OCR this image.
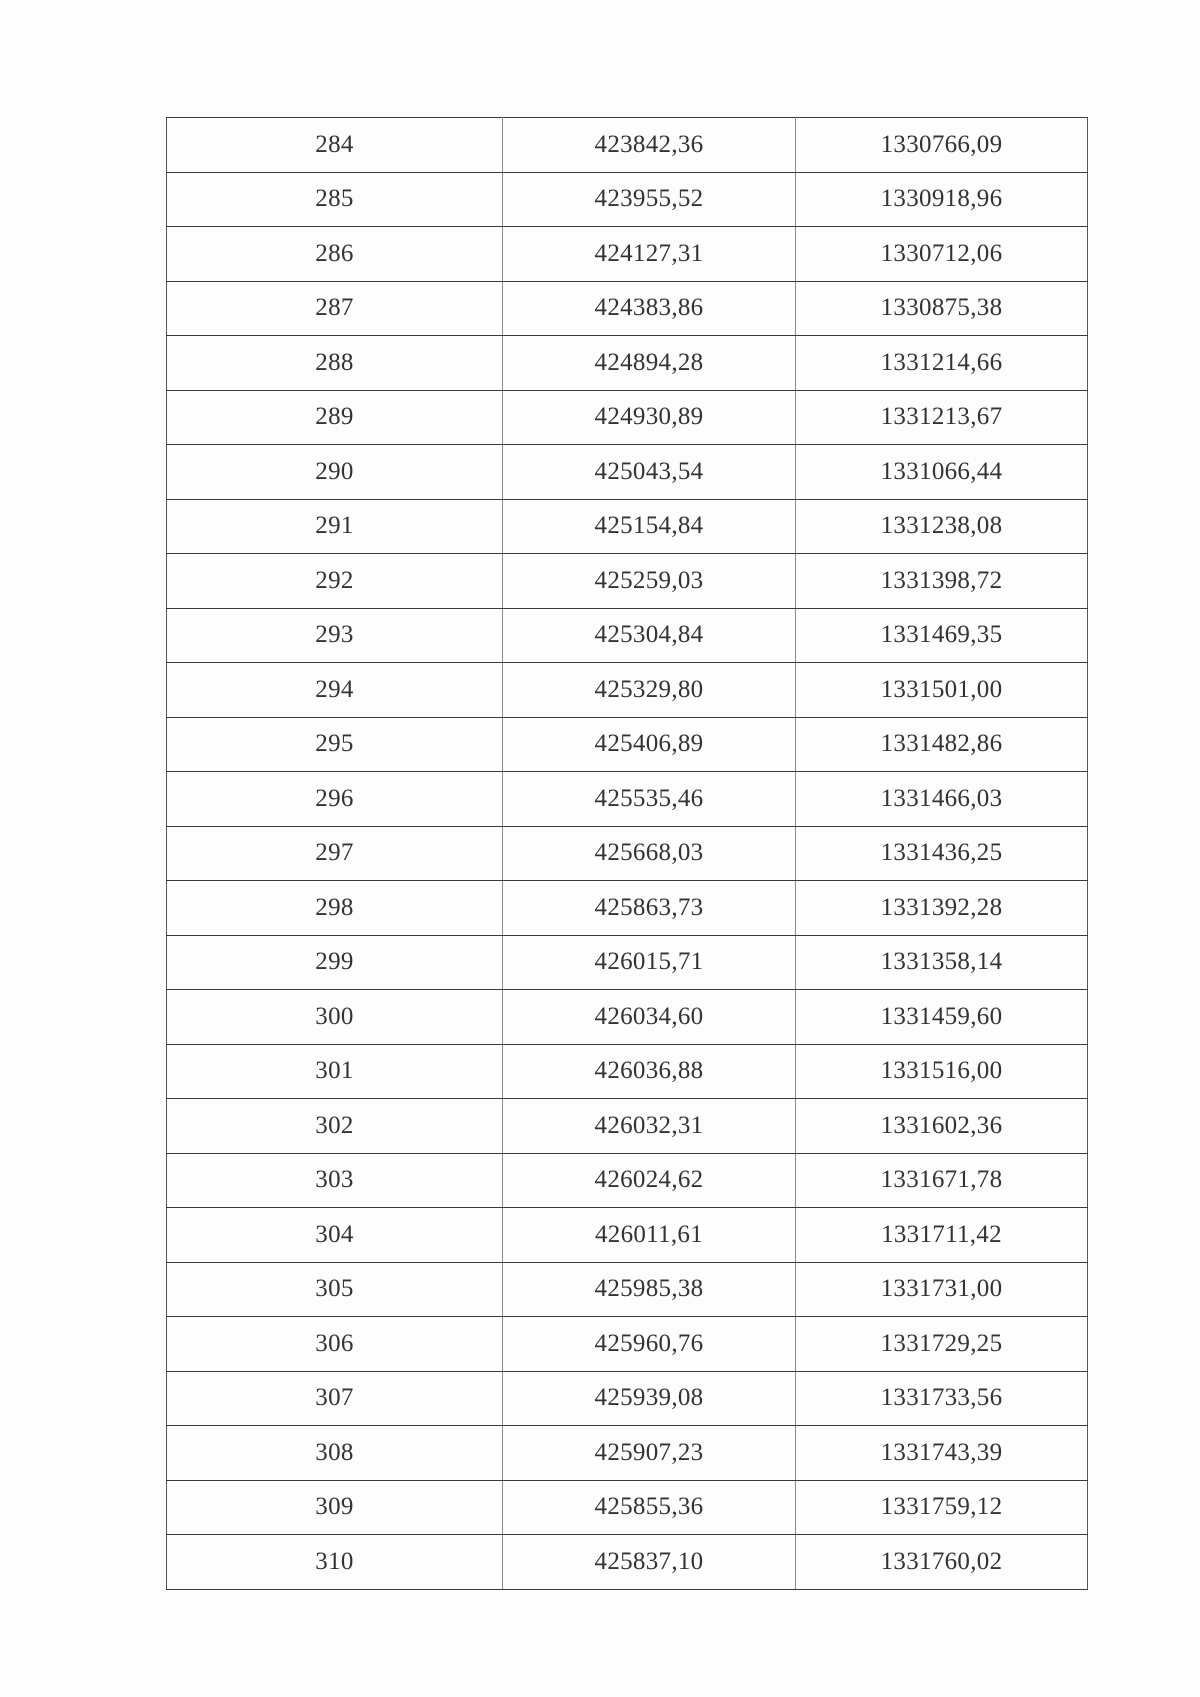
284	423842,36	1330766,09
285	423955,52	1330918,96
286	424127,31	1330712,06
287	424383,86	1330875,38
288	424894,28	1331214,66
289	424930,89	1331213,67
290	425043,54	1331066,44
291	425154,84	1331238,08
292	425259,03	1331398,72
293	425304,84	1331469,35
294	425329,80	1331501,00
295	425406,89	1331482,86
296	425535,46	1331466,03
297	425668,03	1331436,25
298	425863,73	1331392,28
299	426015,71	1331358,14
300	426034,60	1331459,60
301	426036,88	1331516,00
302	426032,31	1331602,36
303	426024,62	1331671,78
304	426011,61	1331711,42
305	425985,38	1331731,00
306	425960,76	1331729,25
307	425939,08	1331733,56
308	425907,23	1331743,39
309	425855,36	1331759,12
310	425837,10	1331760,02
